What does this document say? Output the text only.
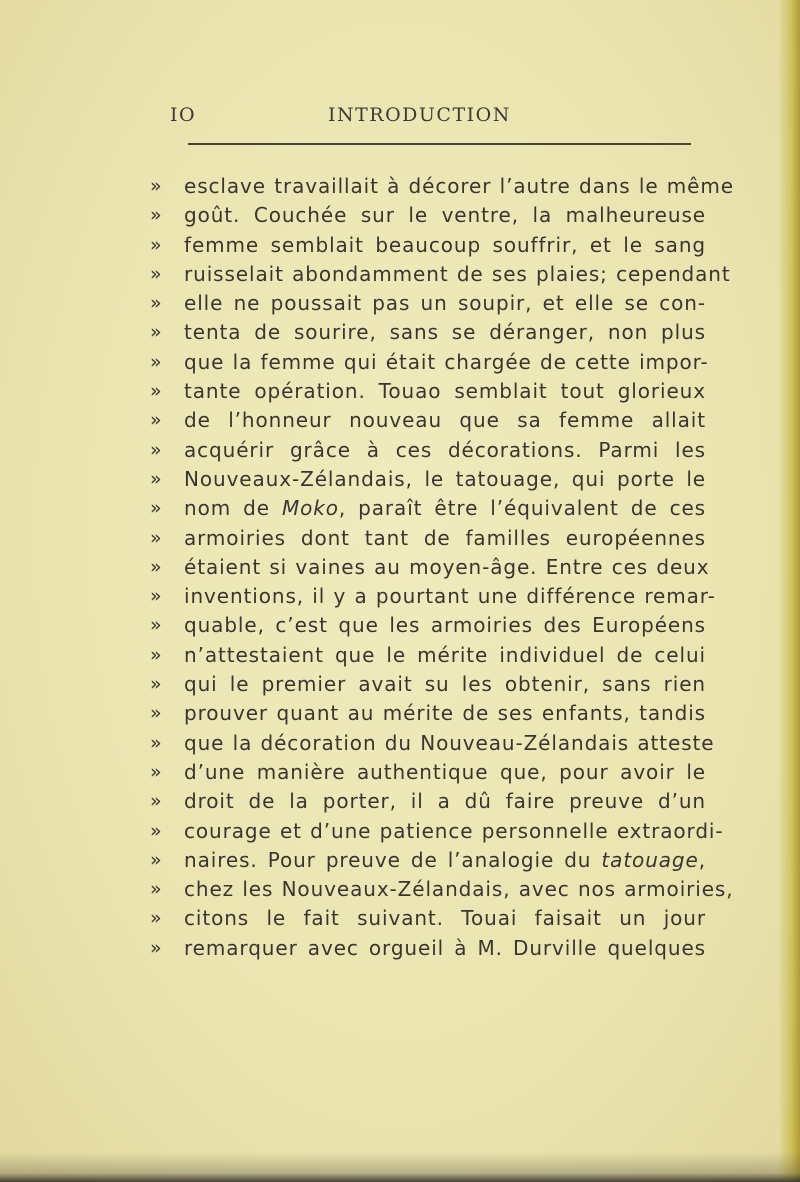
IO	INTRODUCTION
»	esclave travaillait à décorer l’autre dans le même
»	goût. Couchée sur le ventre, la malheureuse
»	femme semblait beaucoup souffrir, et le sang
»	ruisselait abondamment de ses plaies; cependant
»	elle ne poussait pas un soupir, et elle se con-
»	tenta de sourire, sans se déranger, non plus
»	que la femme qui était chargée de cette impor-
»	tante opération. Touao semblait tout glorieux
»	de l’honneur nouveau que sa femme allait
»	acquérir grâce à ces décorations. Parmi les
»	Nouveaux-Zélandais, le tatouage, qui porte le
»	nom de Moko, paraît être l’équivalent de ces
»	armoiries dont tant de familles européennes
»	étaient si vaines au moyen-âge. Entre ces deux
»	inventions, il y a pourtant une différence remar-
»	quable, c’est que les armoiries des Européens
»	n’attestaient que le mérite individuel de celui
»	qui le premier avait su les obtenir, sans rien
»	prouver quant au mérite de ses enfants, tandis
»	que la décoration du Nouveau-Zélandais atteste
»	d’une manière authentique que, pour avoir le
»	droit de la porter, il a dû faire preuve d’un
»	courage et d’une patience personnelle extraordi-
»	naires. Pour preuve de l’analogie du tatouage,
»	chez les Nouveaux-Zélandais, avec nos armoiries,
»	citons le fait suivant. Touai faisait un jour
»	remarquer avec orgueil à M. Durville quelques
